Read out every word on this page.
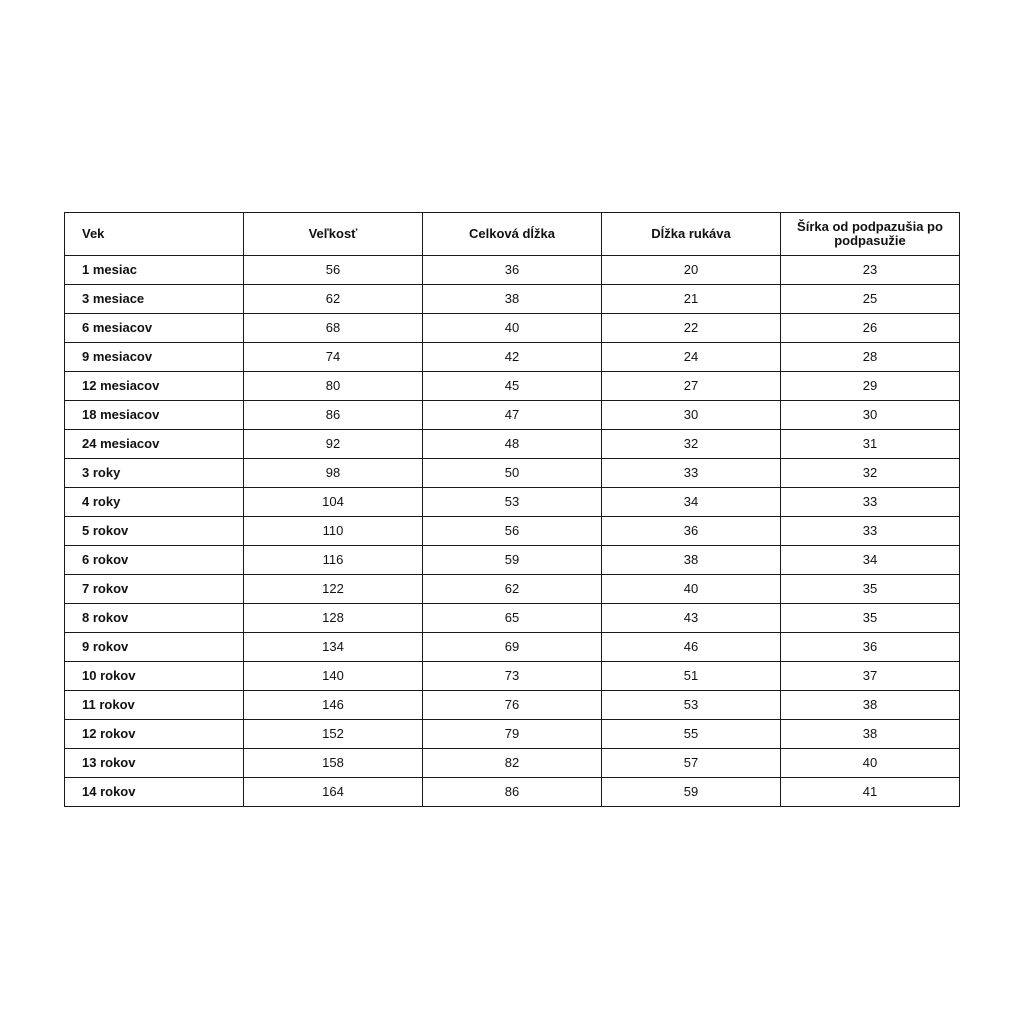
Vek	Veľkosť	Celková dĺžka	Dĺžka rukáva	Šírka od podpazušia po podpasužie
1 mesiac	56	36	20	23
3 mesiace	62	38	21	25
6 mesiacov	68	40	22	26
9 mesiacov	74	42	24	28
12 mesiacov	80	45	27	29
18 mesiacov	86	47	30	30
24 mesiacov	92	48	32	31
3 roky	98	50	33	32
4 roky	104	53	34	33
5 rokov	110	56	36	33
6 rokov	116	59	38	34
7 rokov	122	62	40	35
8 rokov	128	65	43	35
9 rokov	134	69	46	36
10 rokov	140	73	51	37
11 rokov	146	76	53	38
12 rokov	152	79	55	38
13 rokov	158	82	57	40
14 rokov	164	86	59	41
